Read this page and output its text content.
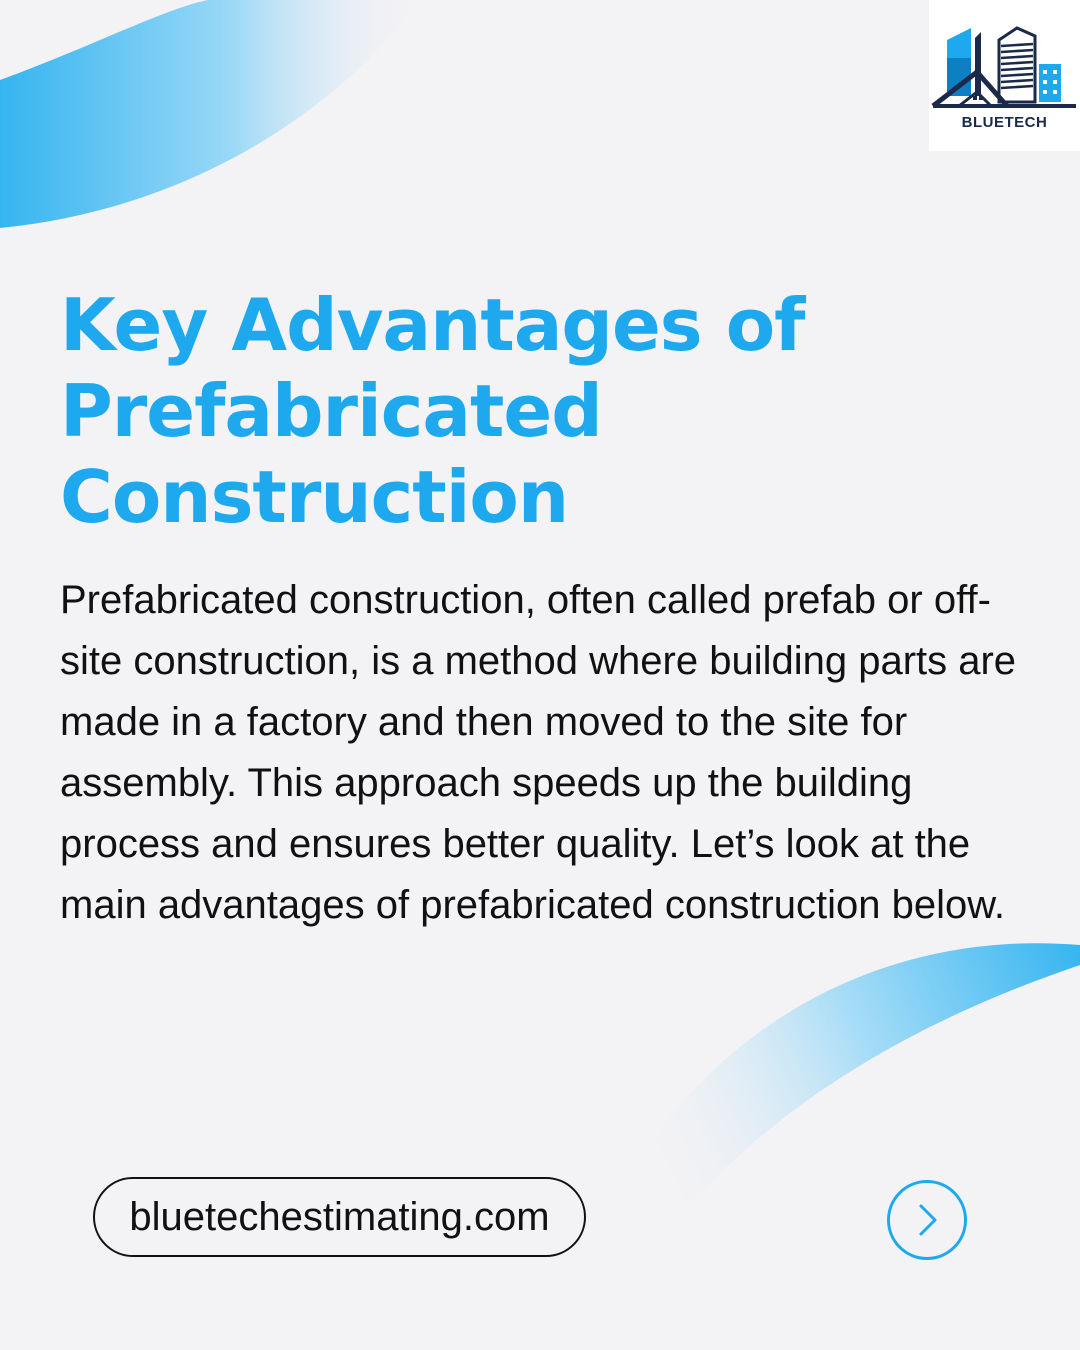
BLUETECH
Key Advantages of Prefabricated Construction

Prefabricated construction, often called prefab or off-site construction, is a method where building parts are made in a factory and then moved to the site for assembly. This approach speeds up the building process and ensures better quality. Let’s look at the main advantages of prefabricated construction below.

bluetechestimating.com
